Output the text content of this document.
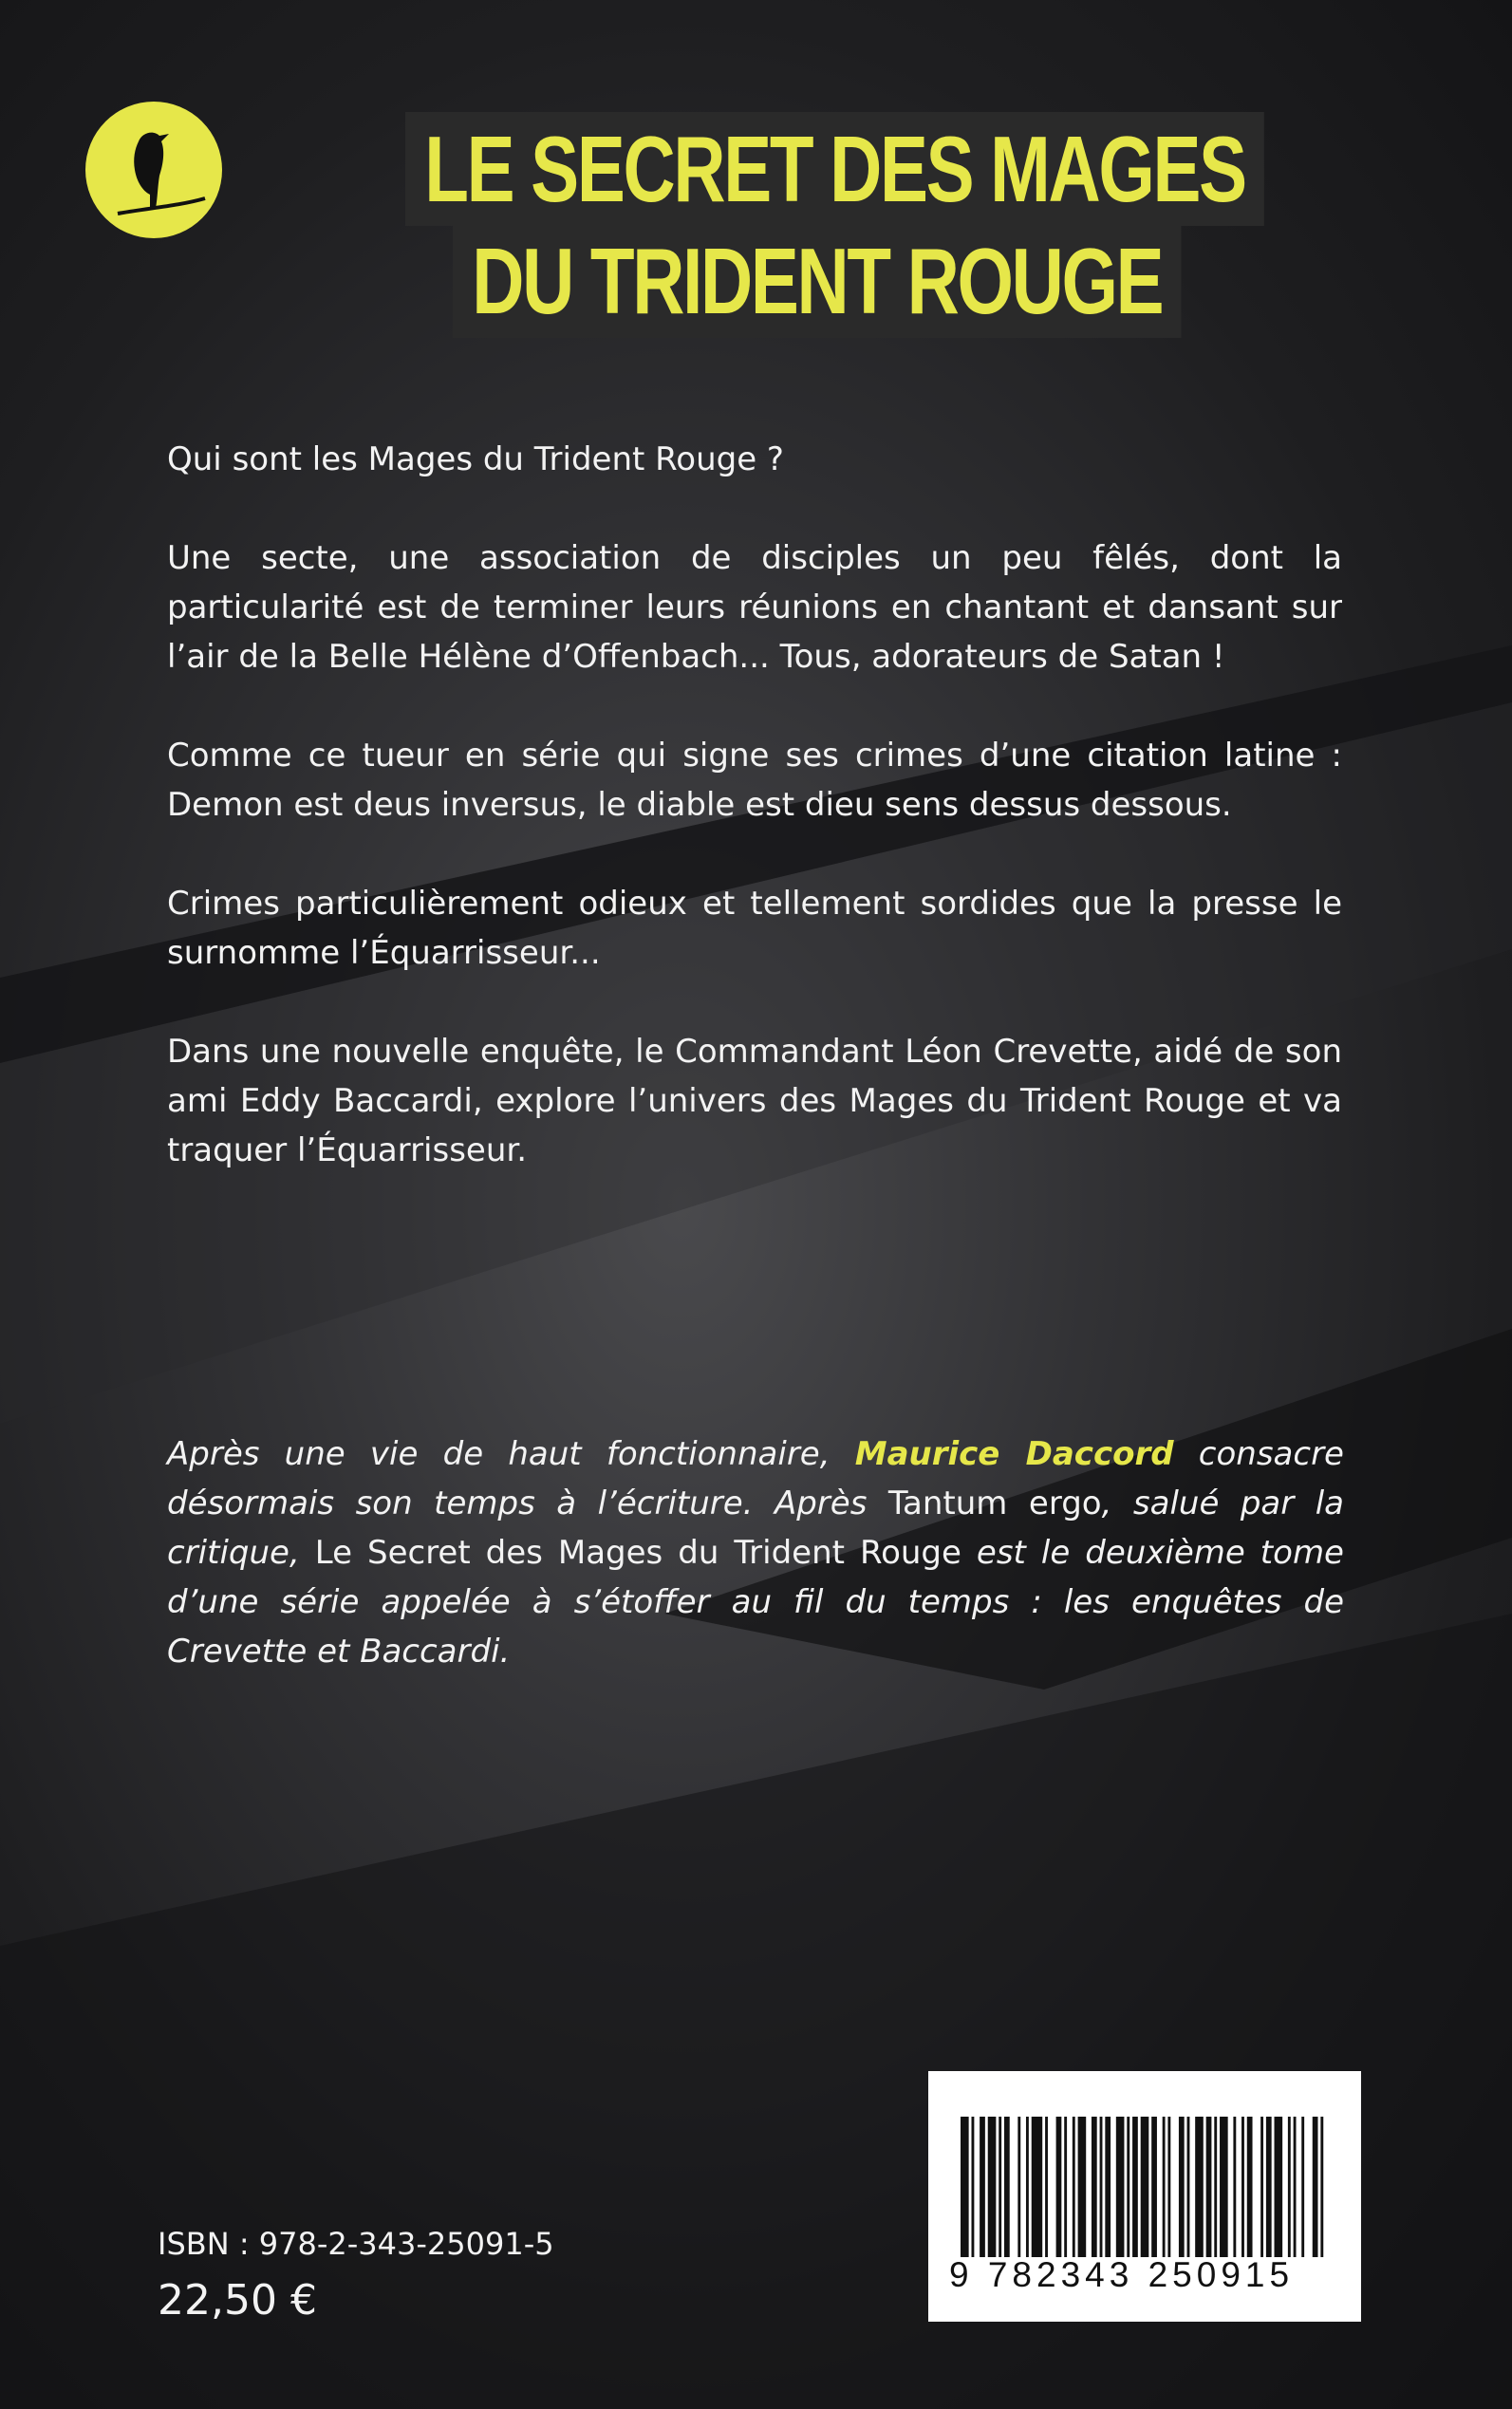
LE SECRET DES MAGES
DU TRIDENT ROUGE

Qui sont les Mages du Trident Rouge ?

Une secte, une association de disciples un peu fêlés, dont la particularité est de terminer leurs réunions en chantant et dansant sur l’air de la Belle Hélène d’Offenbach... Tous, adorateurs de Satan !

Comme ce tueur en série qui signe ses crimes d’une citation latine : Demon est deus inversus, le diable est dieu sens dessus dessous.

Crimes particulièrement odieux et tellement sordides que la presse le surnomme l’Équarrisseur...

Dans une nouvelle enquête, le Commandant Léon Crevette, aidé de son ami Eddy Baccardi, explore l’univers des Mages du Trident Rouge et va traquer l’Équarrisseur.

Après une vie de haut fonctionnaire, Maurice Daccord consacre désormais son temps à l’écriture. Après Tantum ergo, salué par la critique, Le Secret des Mages du Trident Rouge est le deuxième tome d’une série appelée à s’étoffer au fil du temps : les enquêtes de Crevette et Baccardi.
9 782343 250915
ISBN : 978-2-343-25091-5
22,50 €
